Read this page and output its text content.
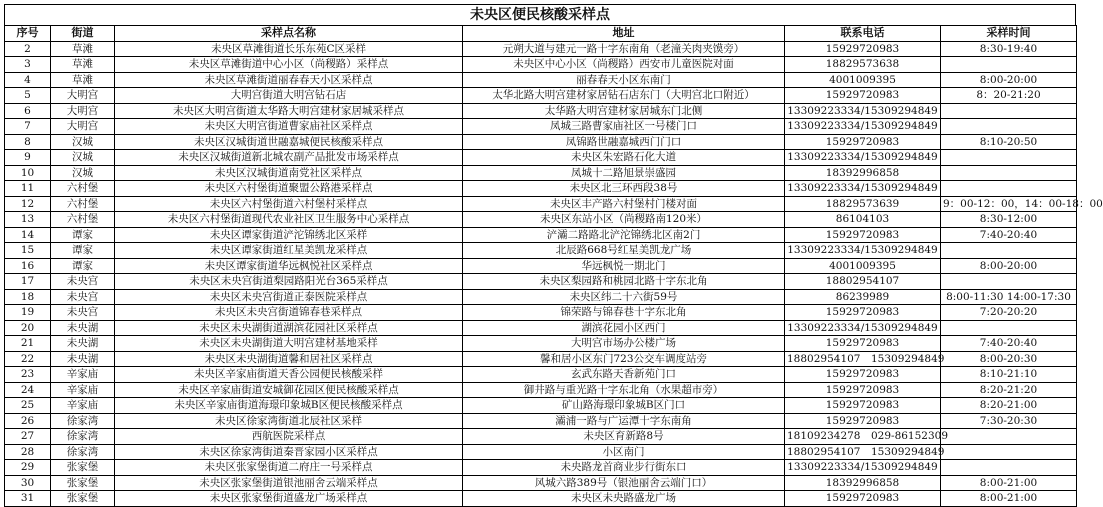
未央区便民核酸采样点
序号	街道	采样点名称	地址	联系电话	采样时间
2	草滩	未央区草滩街道长乐东苑C区采样	元朔大道与建元一路十字东南角（老潼关肉夹馍旁）	15929720983	8:30-19:40
3	草滩	未央区草滩街道中心小区（尚稷路）采样点	未央区中心小区（尚稷路）西安市儿童医院对面	18829573638	
4	草滩	未央区草滩街道丽春春天小区采样点	丽春春天小区东南门	4001009395	8:00-20:00
5	大明宫	大明宫街道大明宫钻石店	太华北路大明宫建材家居钻石店东门（大明宫北口附近）	15929720983	8：20-21:20
6	大明宫	未央区大明宫街道太华路大明宫建材家居城采样点	太华路大明宫建材家居城东门北侧	13309223334/15309294849	
7	大明宫	未央区大明宫街道曹家庙社区采样点	凤城三路曹家庙社区一号楼门口	13309223334/15309294849	
8	汉城	未央区汉城街道世融嘉城便民核酸采样点	凤锦路世融嘉城西门门口	15929720983	8:10-20:50
9	汉城	未央区汉城街道新北城农副产品批发市场采样点	未央区朱宏路石化大道	13309223334/15309294849	
10	汉城	未央区汉城街道南党社区采样点	凤城十二路旭景崇盛园	18392996858	
11	六村堡	未央区六村堡街道聚盟公路港采样点	未央区北三环西段38号	13309223334/15309294849	
12	六村堡	未央区六村堡街道六村堡村采样点	未央区丰产路六村堡村门楼对面	18829573639	9：00-12：00，14：00-18：00
13	六村堡	未央区六村堡街道现代农业社区卫生服务中心采样点	未央区东站小区（尚稷路南120米）	86104103	8:30-12:00
14	谭家	未央区谭家街道浐沱锦绣北区采样	浐灞二路路北浐沱锦绣北区南2门	15929720983	7:40-20:40
15	谭家	未央区谭家街道红星美凯龙采样点	北辰路668号红星美凯龙广场	13309223334/15309294849	
16	谭家	未央区谭家街道华远枫悦社区采样点	华远枫悦一期北门	4001009395	8:00-20:00
17	未央宫	未央区未央宫街道梨园路阳光台365采样点	未央区梨园路和桃园北路十字东北角	18802954107	
18	未央宫	未央区未央宫街道正泰医院采样点	未央区纬二十六街59号	86239989	8:00-11:30 14:00-17:30
19	未央宫	未央区未央宫街道锦春巷采样点	锦荣路与锦春巷十字东北角	15929720983	7:20-20:20
20	未央湖	未央区未央湖街道湖滨花园社区采样点	湖滨花园小区西门	13309223334/15309294849	
21	未央湖	未央区未央湖街道大明宫建材基地采样	大明宫市场办公楼广场	15929720983	7:40-20:40
22	未央湖	未央区未央湖街道馨和居社区采样点	馨和居小区东门723公交车调度站旁	18802954107　15309294849	8:00-20:30
23	辛家庙	未央区辛家庙街道天香公园便民核酸采样	玄武东路天香新苑门口	15929720983	8:10-21:10
24	辛家庙	未央区辛家庙街道安城御花园区便民核酸采样点	御井路与重光路十字东北角（水果超市旁）	15929720983	8:20-21:20
25	辛家庙	未央区辛家庙街道海璟印象城B区便民核酸采样点	矿山路海璟印象城B区门口	15929720983	8:20-21:00
26	徐家湾	未央区徐家湾街道北辰社区采样	灞浦一路与广运潭十字东南角	15929720983	7:30-20:30
27	徐家湾	西航医院采样点	未央区育新路8号	18109234278　029-86152309	
28	徐家湾	未央区徐家湾街道秦晋家园小区采样点	小区南门	18802954107　15309294849	
29	张家堡	未央区张家堡街道二府庄一号采样点	未央路龙首商业步行街东口	13309223334/15309294849	
30	张家堡	未央区张家堡街道银池丽舍云端采样点	风城六路389号（银池丽舍云端门口）	18392996858	8:00-21:00
31	张家堡	未央区张家堡街道盛龙广场采样点	未央区未央路盛龙广场	15929720983	8:00-21:00
